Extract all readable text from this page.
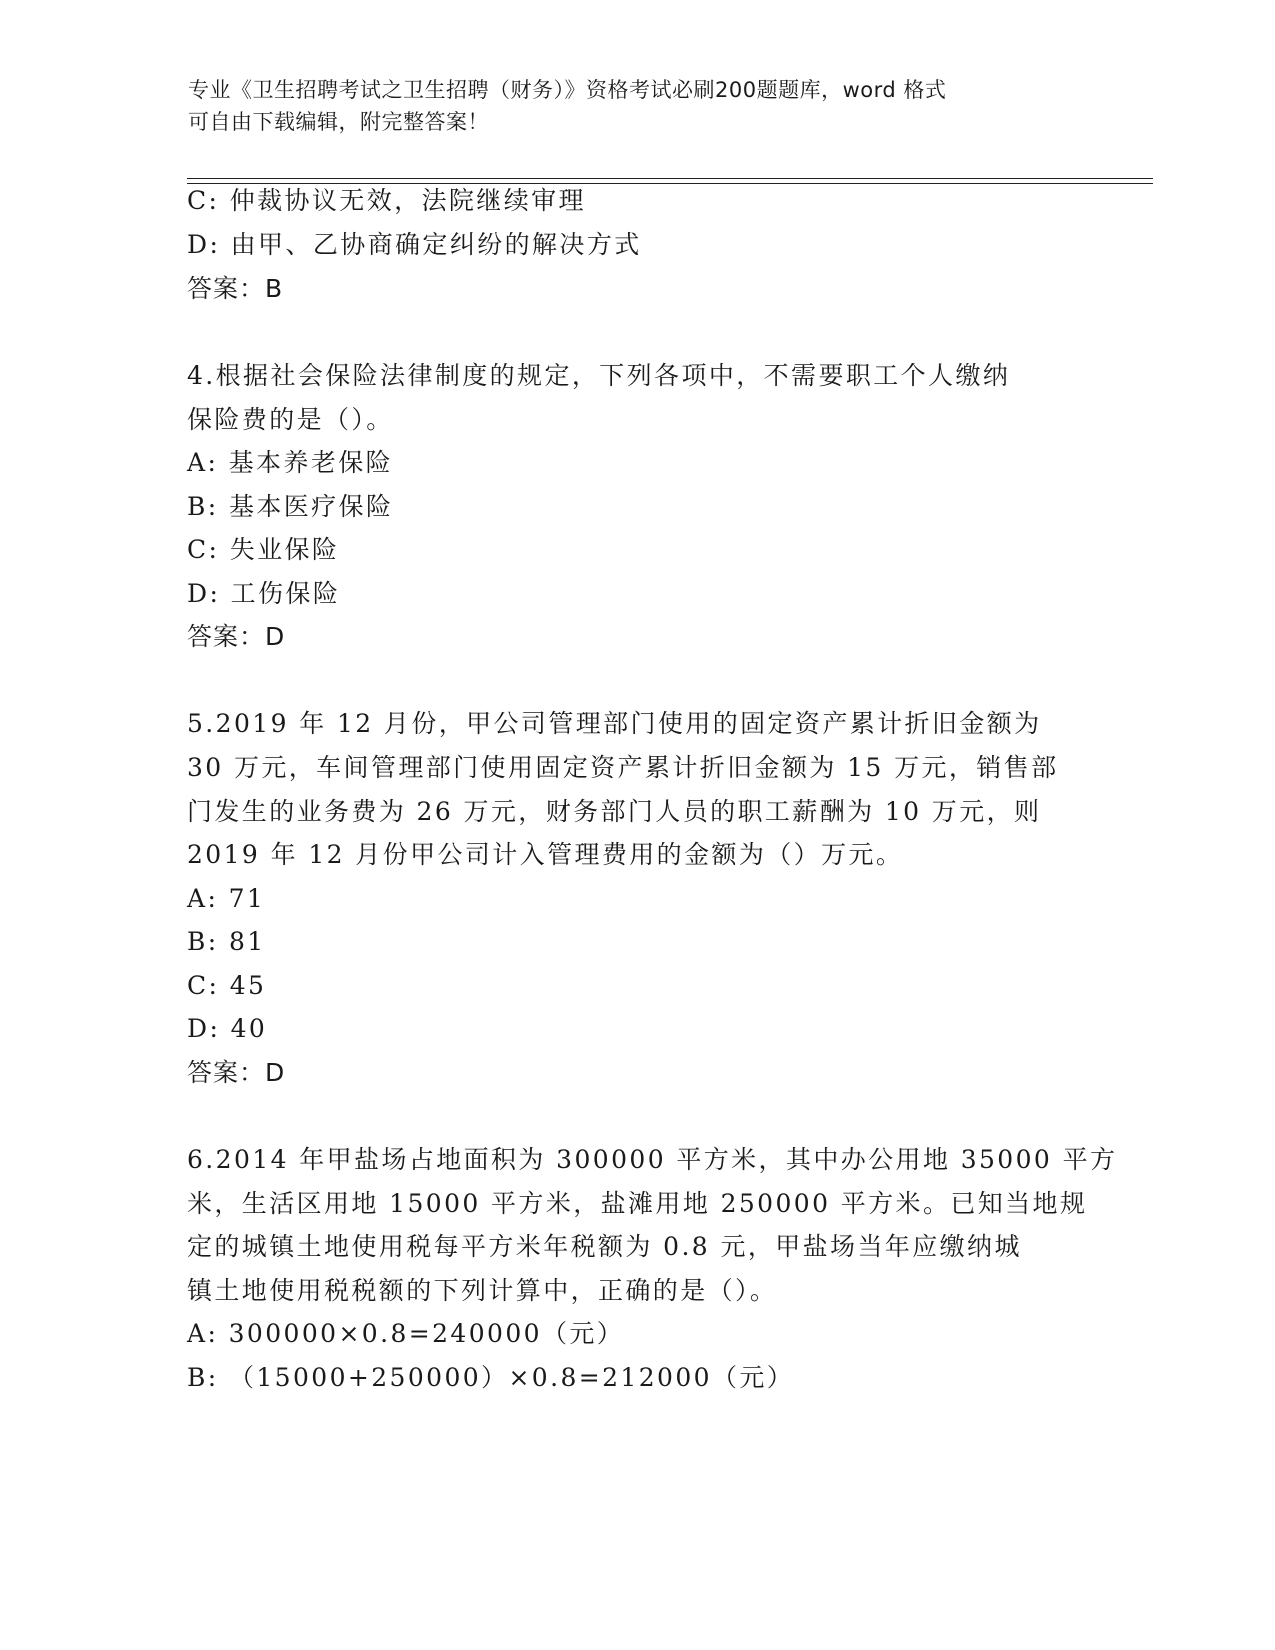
专业《卫生招聘考试之卫生招聘（财务）》资格考试必刷200题题库，word 格式
可自由下载编辑，附完整答案！
C: 仲裁协议无效，法院继续审理
D: 由甲、乙协商确定纠纷的解决方式
答案：B
4.根据社会保险法律制度的规定，下列各项中，不需要职工个人缴纳
保险费的是（）。
A: 基本养老保险
B: 基本医疗保险
C: 失业保险
D: 工伤保险
答案：D
5.2019 年 12 月份，甲公司管理部门使用的固定资产累计折旧金额为
30 万元，车间管理部门使用固定资产累计折旧金额为 15 万元，销售部
门发生的业务费为 26 万元，财务部门人员的职工薪酬为 10 万元，则
2019 年 12 月份甲公司计入管理费用的金额为（）万元。
A: 71
B: 81
C: 45
D: 40
答案：D
6.2014 年甲盐场占地面积为 300000 平方米，其中办公用地 35000 平方
米，生活区用地 15000 平方米，盐滩用地 250000 平方米。已知当地规
定的城镇土地使用税每平方米年税额为 0.8 元，甲盐场当年应缴纳城
镇土地使用税税额的下列计算中，正确的是（）。
A: 300000×0.8=240000（元）
B: （15000+250000）×0.8=212000（元）
